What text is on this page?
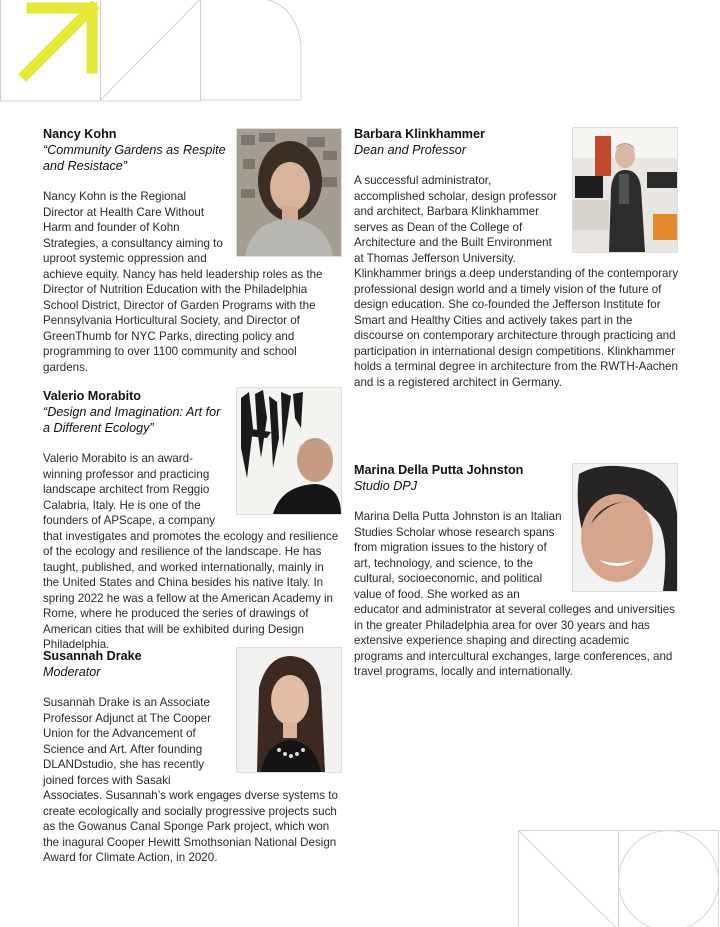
Nancy Kohn

“Community Gardens as Respite and Resistace”

Nancy Kohn is the Regional Director at Health Care Without Harm and founder of Kohn Strategies, a consultancy aiming to uproot systemic oppression and achieve equity. Nancy has held leadership roles as the Director of Nutrition Education with the Philadelphia School District, Director of Garden Programs with the Pennsylvania Horticultural Society, and Director of GreenThumb for NYC Parks, directing policy and programming to over 1100 community and school gardens.

Valerio Morabito

“Design and Imagination: Art for a Different Ecology”

Valerio Morabito is an award-winning professor and practicing landscape architect from Reggio Calabria, Italy. He is one of the founders of APScape, a company that investigates and promotes the ecology and resilience of the ecology and resilience of the landscape. He has taught, published, and worked internationally, mainly in the United States and China besides his native Italy. In spring 2022 he was a fellow at the American Academy in Rome, where he produced the series of drawings of American cities that will be exhibited during Design Philadelphia.

Susannah Drake

Moderator

Susannah Drake is an Associate Professor Adjunct at The Cooper Union for the Advancement of Science and Art. After founding DLANDstudio, she has recently joined forces with Sasaki Associates. Susannah’s work engages dverse systems to create ecologically and socially progressive projects such as the Gowanus Canal Sponge Park project, which won the inagural Cooper Hewitt Smothsonian National Design Award for Climate Action, in 2020.

Barbara Klinkhammer

Dean and Professor

A successful administrator, accomplished scholar, design professor and architect, Barbara Klinkhammer serves as Dean of the College of Architecture and the Built Environment at Thomas Jefferson University. Klinkhammer brings a deep understanding of the contemporary professional design world and a timely vision of the future of design education. She co-founded the Jefferson Institute for Smart and Healthy Cities and actively takes part in the discourse on contemporary architecture through practicing and participation in international design competitions. Klinkhammer holds a terminal degree in architecture from the RWTH-Aachen and is a registered architect in Germany.

Marina Della Putta Johnston

Studio DPJ

Marina Della Putta Johnston is an Italian Studies Scholar whose research spans from migration issues to the history of art, technology, and science, to the cultural, socioeconomic, and political value of food. She worked as an educator and administrator at several colleges and universities in the greater Philadelphia area for over 30 years and has extensive experience shaping and directing academic programs and intercultural exchanges, large conferences, and travel programs, locally and internationally.
